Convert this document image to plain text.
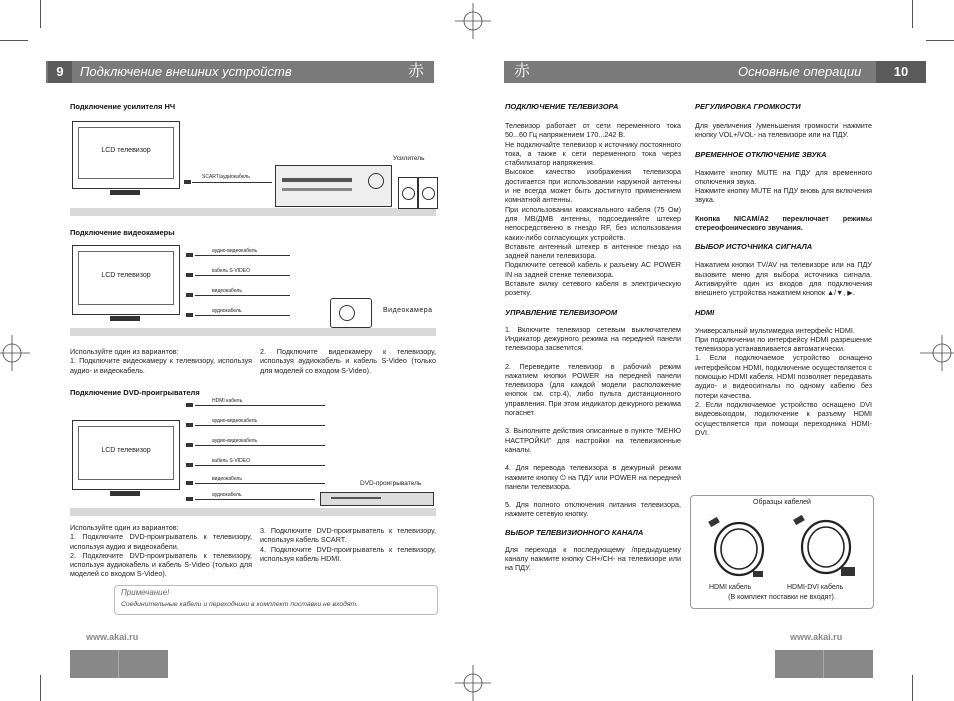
9	Подключение внешних устройств	赤
Подключение усилителя НЧ
LCD телевизор
SCART/аудиокабель
Усилитель
Подключение видеокамеры
LCD телевизор
аудио-видеокабель
кабель S-VIDEO
видеокабель
аудиокабель	Видеокамера

Используйте один из вариантов:

1. Подключите видеокамеру к телевизору, используя аудио- и видеокабель.

2. Подключите видеокамеру к телевизору, используя аудиокабель и кабель S-Video (только для моделей со входом S-Video).

Подключение DVD-проигрывателя
LCD телевизор
HDMI кабель
аудио-видеокабель
аудио-видеокабель
кабель S-VIDEO
видеокабель
аудиокабель
DVD-проигрыватель

Используйте один из вариантов:

1. Подключите DVD-проигрыватель к телевизору, используя аудио и видеокабели.

2. Подключите DVD-проигрыватель к телевизору, используя аудиокабель и кабель S-Video (только для моделей со входом S-Video).

3. Подключите DVD-проигрыватель к телевизору, используя кабель SCART.

4. Подключите DVD-проигрыватель к телевизору, используя кабель HDMI.

Примечание!
Соединительные кабели и переходники в комплект поставки не входят.
www.akai.ru
赤	Основные операции	10
ПОДКЛЮЧЕНИЕ ТЕЛЕВИЗОРА

Телевизор работает от сети переменного тока 50...60 Гц напряжением 170...242 В.

Не подключайте телевизор к источнику постоянного тока, а также к сети переменного тока через стабилизатор напряжения.

Высокое качество изображения телевизора достигается при использовании наружной антенны и не всегда может быть достигнуто применением комнатной антенны.

При использовании коаксиального кабеля (75 Ом) для МВ/ДМВ антенны, подсоединяйте штекер непосредственно в гнездо RF, без использования каких-либо согласующих устройств.

Вставьте антенный штекер в антенное гнездо на задней панели телевизора.

Подключите сетевой кабель к разъему AC POWER IN на задней стенке телевизора.

Вставьте вилку сетевого кабеля в электрическую розетку.

УПРАВЛЕНИЕ ТЕЛЕВИЗОРОМ

1. Включите телевизор сетевым выключателем Индикатор дежурного режима на передней панели телевизора засветится.

2. Переведите телевизор в рабочий режим нажатием кнопки POWER на передней панели телевизора (для каждой модели расположение кнопок см. стр.4), либо пульта дистанционного управления. При этом индикатор дежурного режима погаснет.

3. Выполните действия описанные в пункте “МЕНЮ НАСТРОЙКИ” для настройки на телевизионные каналы.

4. Для перевода телевизора в дежурный режим нажмите кнопку ⏻ на ПДУ или POWER на передней панели телевизора.

5. Для полного отключения питания телевизора, нажмите сетевую кнопку.

ВЫБОР ТЕЛЕВИЗИОННОГО КАНАЛА

Для перехода к последующему /предыдущему каналу нажмите кнопку CH+/CH- на телевизоре или на ПДУ.

РЕГУЛИРОВКА ГРОМКОСТИ

Для увеличения /уменьшения громкости нажмите кнопку VOL+/VOL- на телевизоре или на ПДУ.

ВРЕМЕННОЕ ОТКЛЮЧЕНИЕ ЗВУКА

Нажмите кнопку MUTE на ПДУ для временного отключения звука.

Нажмите кнопку MUTE на ПДУ вновь для включения звука.

Кнопка NICAM/A2 переключает режимы стереофонического звучания.
ВЫБОР ИСТОЧНИКА СИГНАЛА

Нажатием кнопки TV/AV на телевизоре или на ПДУ вызовите меню для выбора источника сигнала. Активируйте один из входов для подключения внешнего устройства нажатием кнопок ▲/▼, ▶.

HDMI

Универсальный мультимедиа интерфейс HDMI.

При подключении по интерфейсу HDMI разрешение телевизора устанавливается автоматически.

1. Если подключаемое устройство оснащено интерфейсом HDMI, подключение осуществляется с помощью HDMI кабеля. HDMI позволяет передавать аудио- и видеосигналы по одному кабелю без потери качества.

2. Если подключаемое устройство оснащено DVI видеовыходом, подключение к разъему HDMI осуществляется при помощи переходника HDMI-DVI.

Образцы кабелей
HDMI кабель	HDMI-DVI кабель
(В комплект поставки не входят).
www.akai.ru
